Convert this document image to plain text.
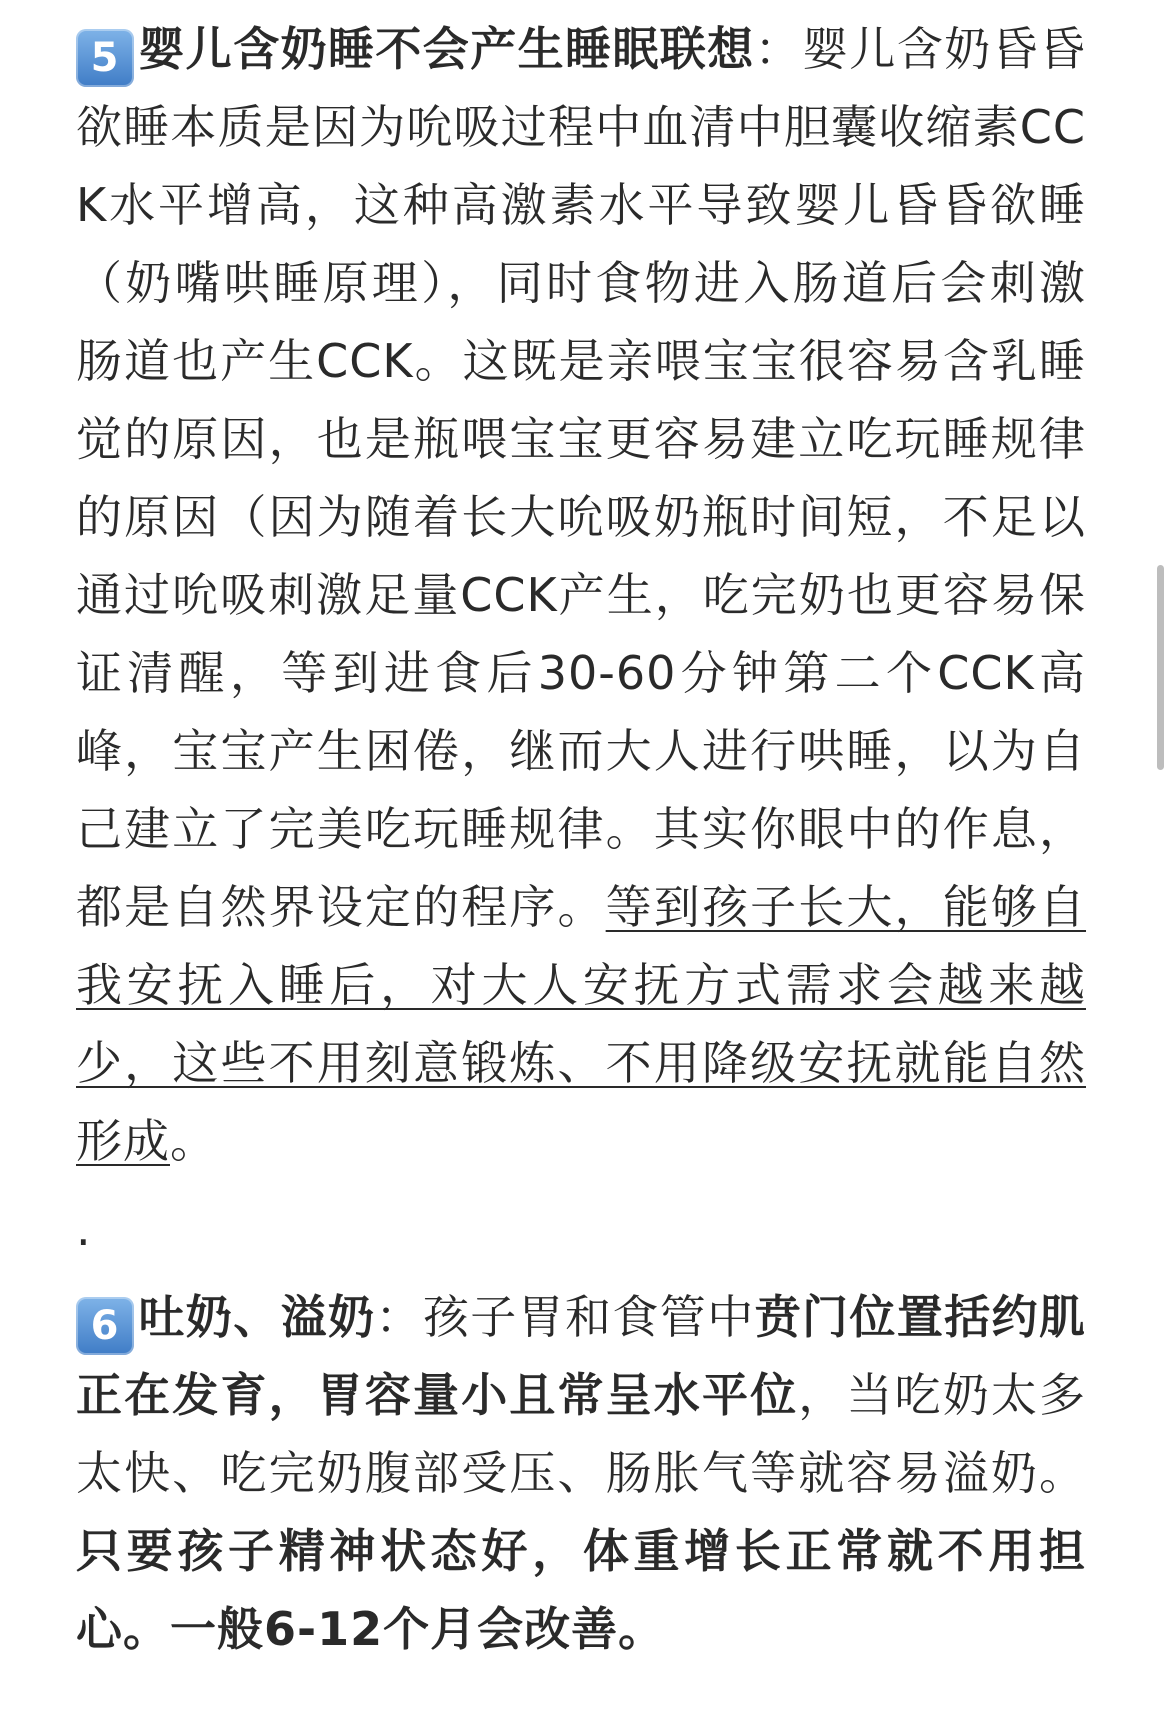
5 婴儿含奶睡不会产生睡眠联想：婴儿含奶昏昏欲睡本质是因为吮吸过程中血清中胆囊收缩素CCK水平增高，这种高激素水平导致婴儿昏昏欲睡（奶嘴哄睡原理），同时食物进入肠道后会刺激肠道也产生CCK。这既是亲喂宝宝很容易含乳睡觉的原因，也是瓶喂宝宝更容易建立吃玩睡规律的原因（因为随着长大吮吸奶瓶时间短，不足以通过吮吸刺激足量CCK产生，吃完奶也更容易保证清醒，等到进食后30-60分钟第二个CCK高峰，宝宝产生困倦，继而大人进行哄睡，以为自己建立了完美吃玩睡规律。其实你眼中的作息，都是自然界设定的程序。等到孩子长大，能够自我安抚入睡后，对大人安抚方式需求会越来越少，这些不用刻意锻炼、不用降级安抚就能自然形成。

.

6 吐奶、溢奶：孩子胃和食管中贲门位置括约肌正在发育，胃容量小且常呈水平位，当吃奶太多太快、吃完奶腹部受压、肠胀气等就容易溢奶。只要孩子精神状态好，体重增长正常就不用担心。一般6-12个月会改善。
